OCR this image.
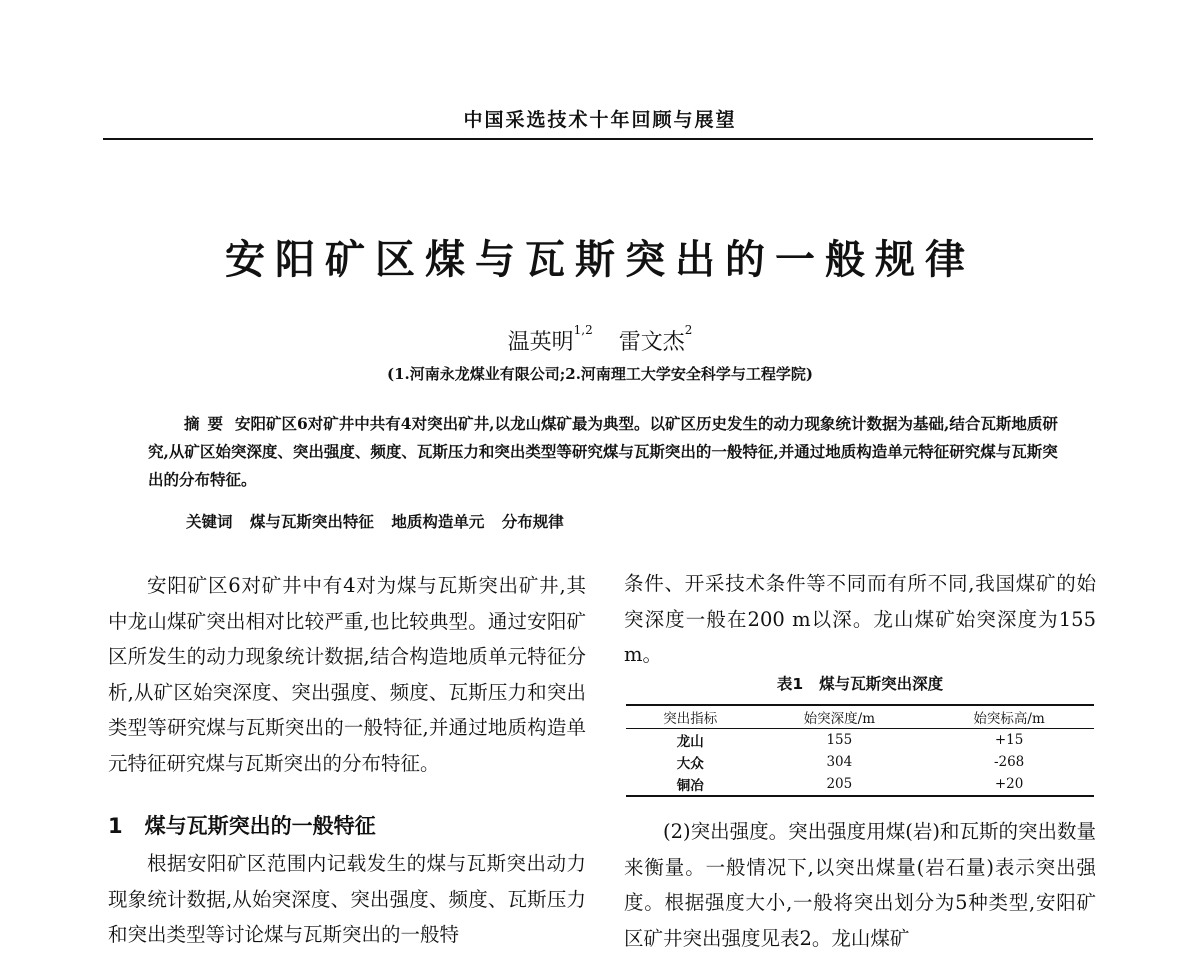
中国采选技术十年回顾与展望
安阳矿区煤与瓦斯突出的一般规律
温英明$^{1,2}$ 雷文杰$^2$
(1.河南永龙煤业有限公司;2.河南理工大学安全科学与工程学院)
摘要 安阳矿区6对矿井中共有4对突出矿井,以龙山煤矿最为典型。以矿区历史发生的动力现象统计数据为基础,结合瓦斯地质研究,从矿区始突深度、突出强度、频度、瓦斯压力和突出类型等研究煤与瓦斯突出的一般特征,并通过地质构造单元特征研究煤与瓦斯突出的分布特征。
关键词 煤与瓦斯突出特征 地质构造单元 分布规律

安阳矿区6对矿井中有4对为煤与瓦斯突出矿井,其中龙山煤矿突出相对比较严重,也比较典型。通过安阳矿区所发生的动力现象统计数据,结合构造地质单元特征分析,从矿区始突深度、突出强度、频度、瓦斯压力和突出类型等研究煤与瓦斯突出的一般特征,并通过地质构造单元特征研究煤与瓦斯突出的分布特征。

1 煤与瓦斯突出的一般特征

根据安阳矿区范围内记载发生的煤与瓦斯突出动力现象统计数据,从始突深度、突出强度、频度、瓦斯压力和突出类型等讨论煤与瓦斯突出的一般特

条件、开采技术条件等不同而有所不同,我国煤矿的始突深度一般在200 m以深。龙山煤矿始突深度为155 m。

表1 煤与瓦斯突出深度
突出指标	始突深度/m	始突标高/m
龙山	155	+15
大众	304	-268
铜冶	205	+20

(2)突出强度。突出强度用煤(岩)和瓦斯的突出数量来衡量。一般情况下,以突出煤量(岩石量)表示突出强度。根据强度大小,一般将突出划分为5种类型,安阳矿区矿井突出强度见表2。龙山煤矿
